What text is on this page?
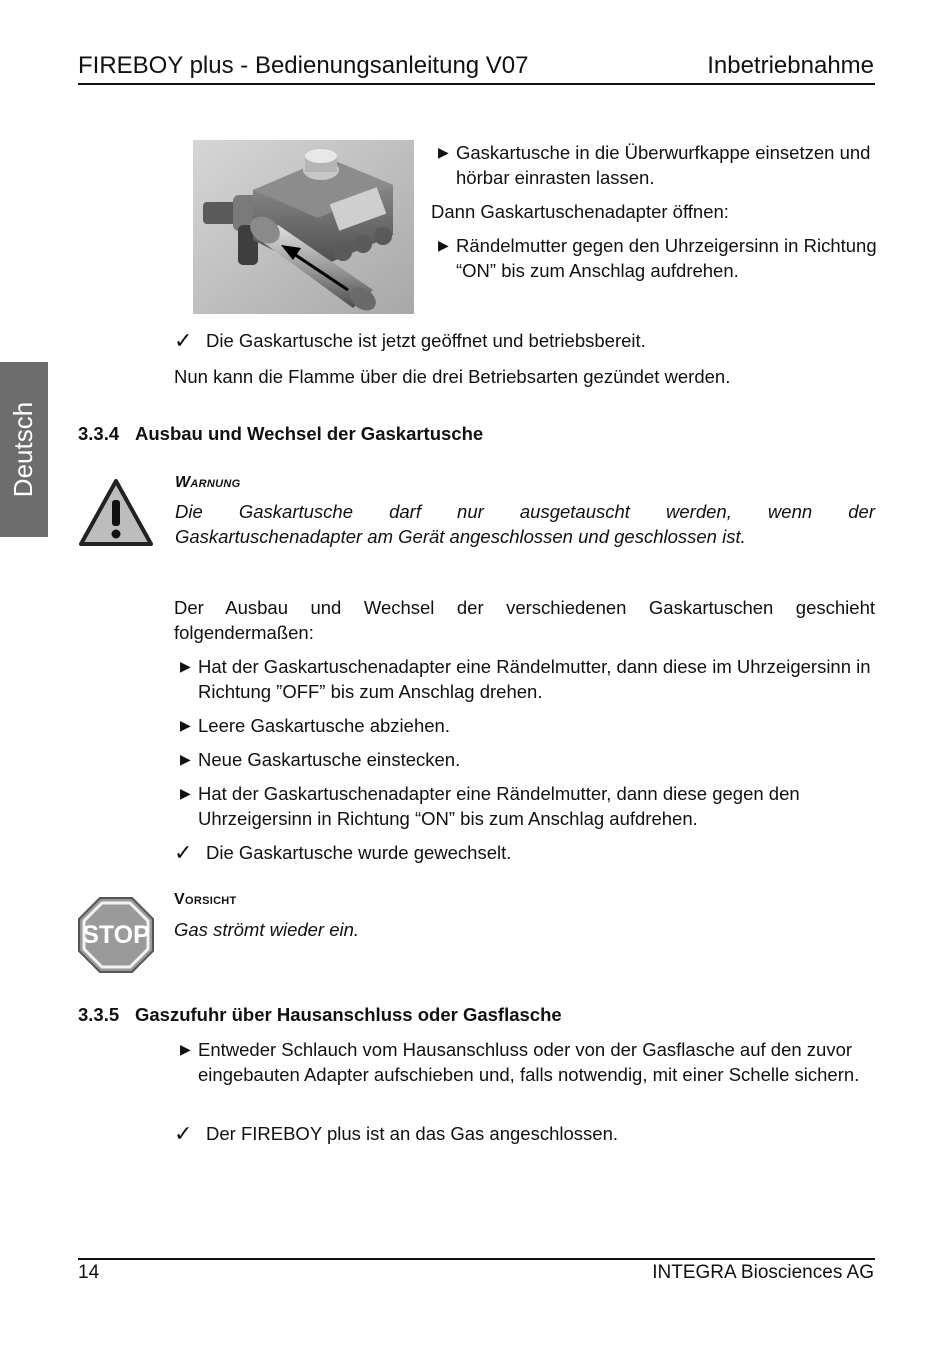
FIREBOY plus - Bedienungsanleitung V07	Inbetriebnahme
Deutsch
▶ Gaskartusche in die Überwurfkappe einsetzen und hörbar einrasten lassen.
Dann Gaskartuschenadapter öffnen:
▶ Rändelmutter gegen den Uhrzeigersinn in Richtung “ON” bis zum Anschlag aufdrehen.
✓ Die Gaskartusche ist jetzt geöffnet und betriebsbereit.
Nun kann die Flamme über die drei Betriebsarten gezündet werden.
3.3.4 Ausbau und Wechsel der Gaskartusche
Warnung
Die Gaskartusche darf nur ausgetauscht werden, wenn der
Gaskartuschenadapter am Gerät angeschlossen und geschlossen ist.
Der Ausbau und Wechsel der verschiedenen Gaskartuschen geschieht
folgendermaßen:
▶ Hat der Gaskartuschenadapter eine Rändelmutter, dann diese im Uhrzeigersinn in Richtung ”OFF” bis zum Anschlag drehen.
▶ Leere Gaskartusche abziehen.
▶ Neue Gaskartusche einstecken.
▶ Hat der Gaskartuschenadapter eine Rändelmutter, dann diese gegen den Uhrzeigersinn in Richtung “ON” bis zum Anschlag aufdrehen.
✓ Die Gaskartusche wurde gewechselt.
STOP
Vorsicht
Gas strömt wieder ein.
3.3.5 Gaszufuhr über Hausanschluss oder Gasflasche
▶ Entweder Schlauch vom Hausanschluss oder von der Gasflasche auf den zuvor eingebauten Adapter aufschieben und, falls notwendig, mit einer Schelle sichern.
✓ Der FIREBOY plus ist an das Gas angeschlossen.
14	INTEGRA Biosciences AG
